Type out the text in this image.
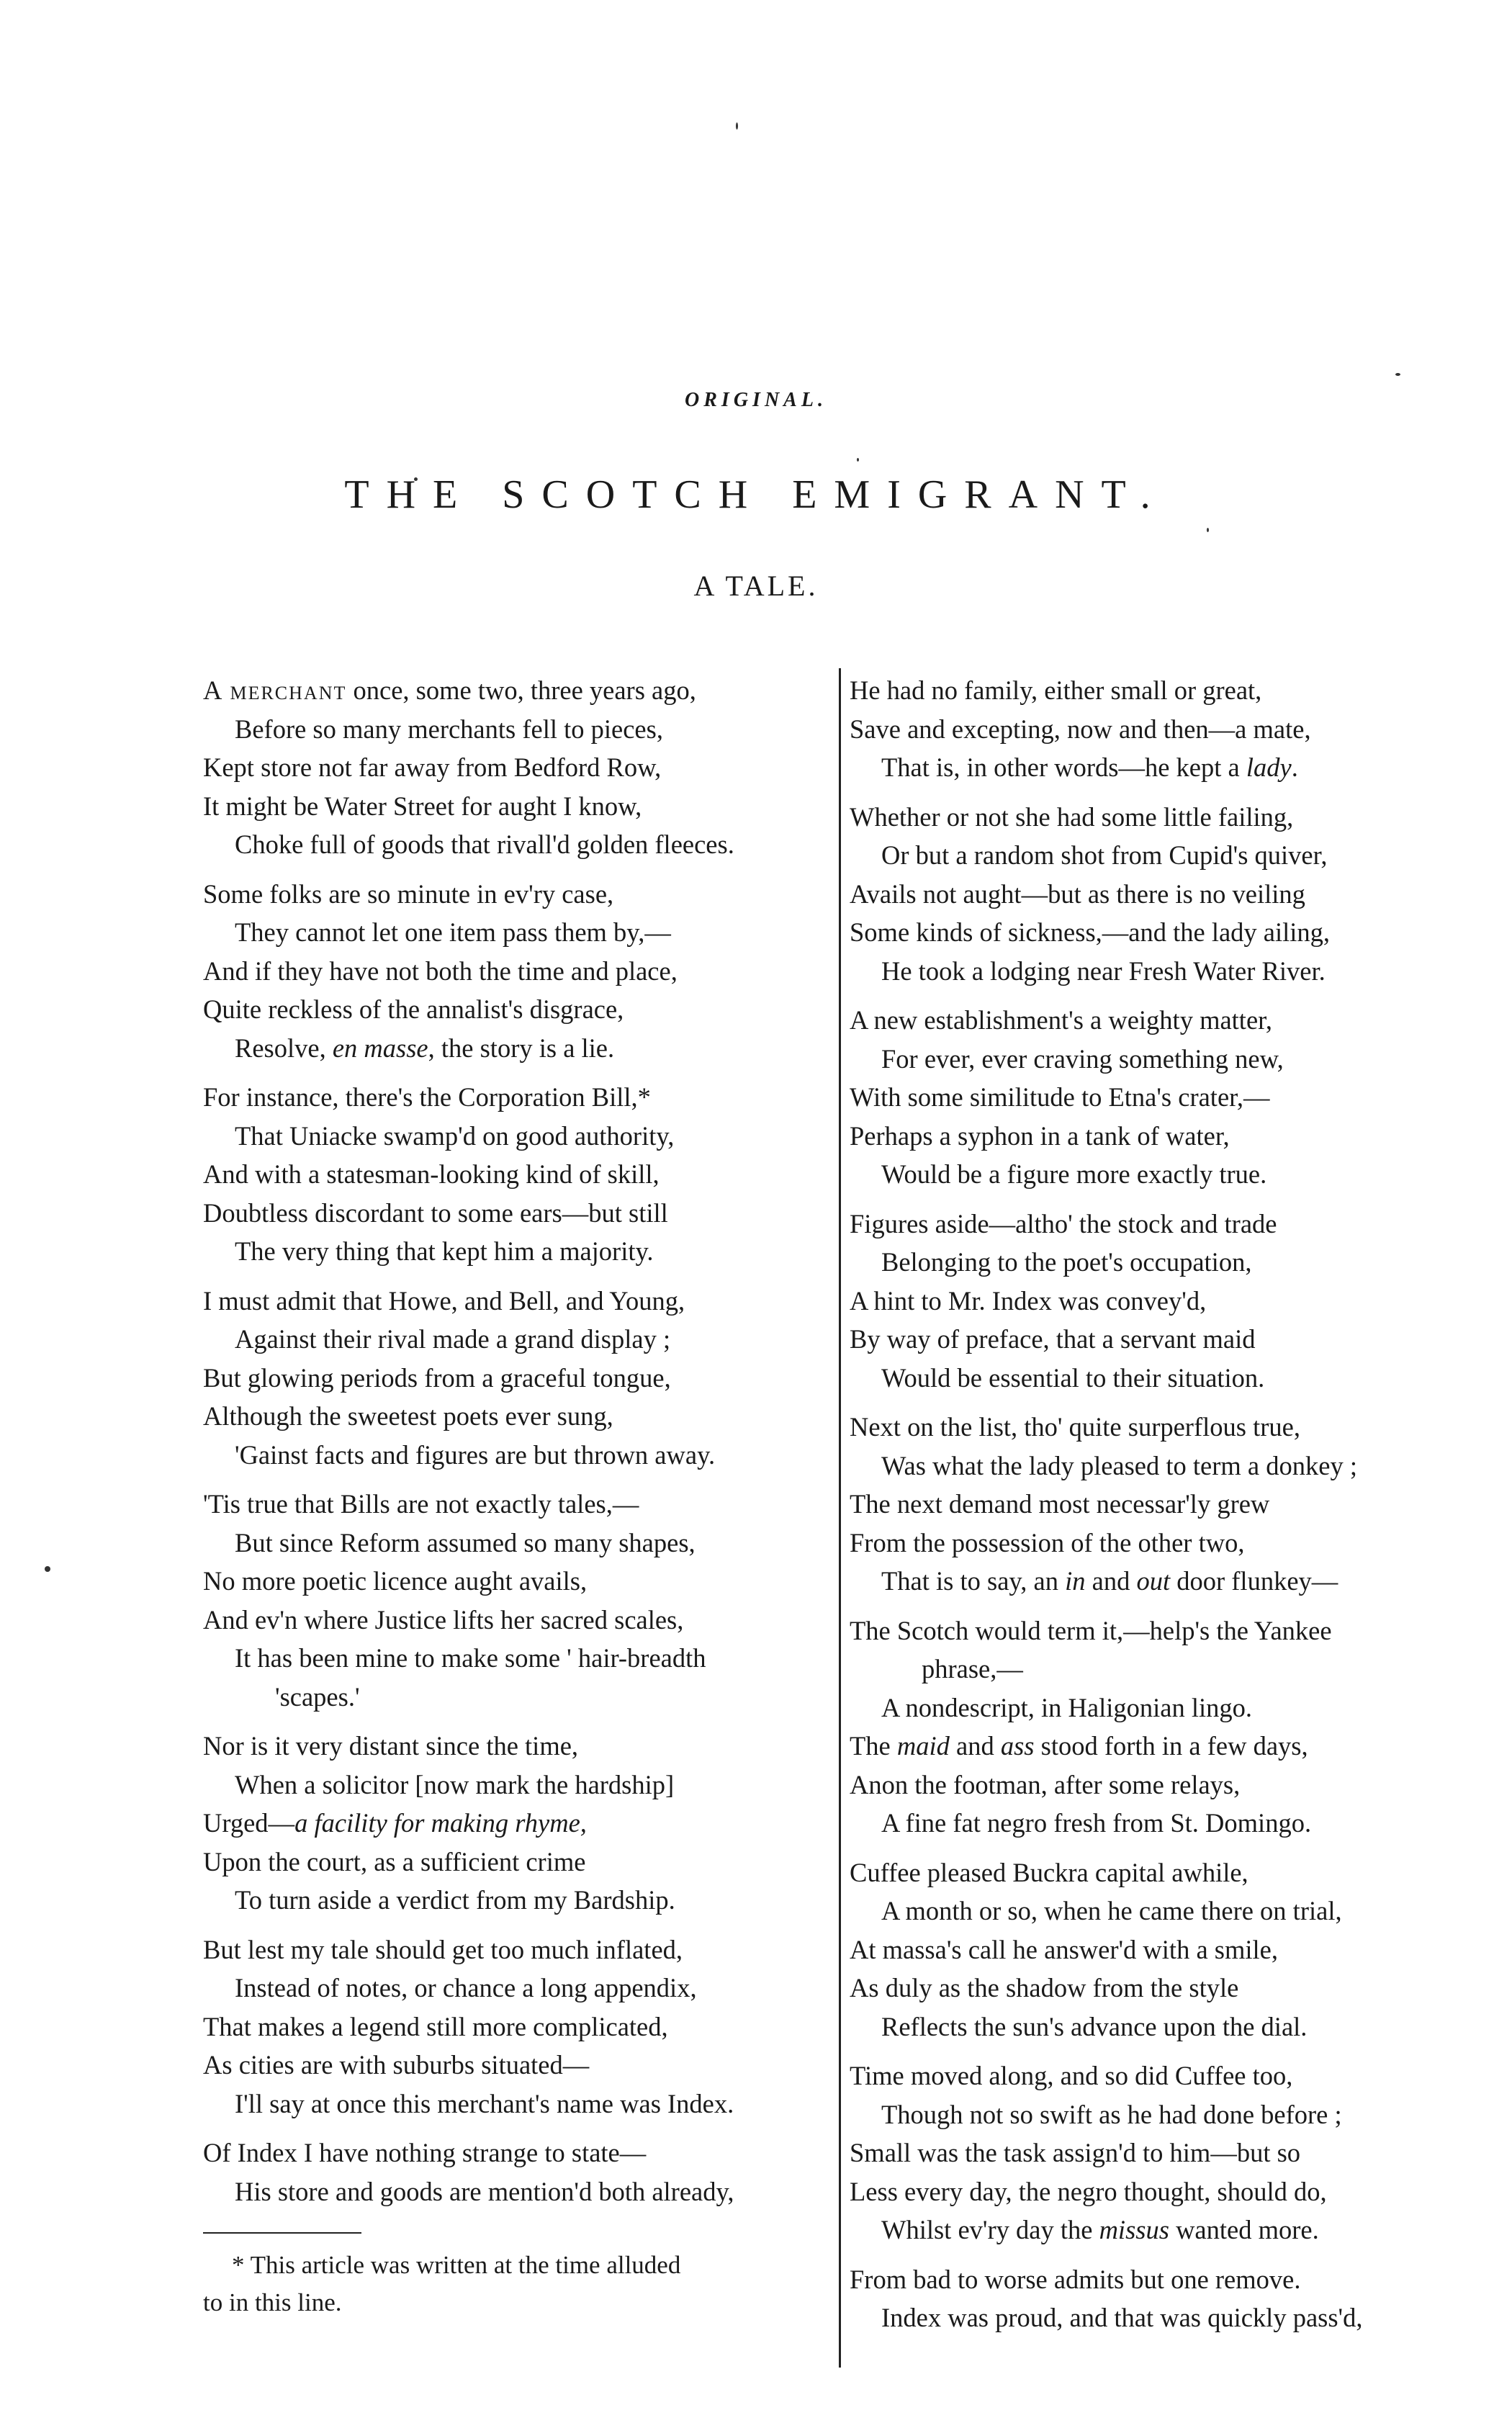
ORIGINAL.
THE SCOTCH EMIGRANT.
A TALE.
A merchant once, some two, three years ago,
Before so many merchants fell to pieces,
Kept store not far away from Bedford Row,
It might be Water Street for aught I know,
Choke full of goods that rivall'd golden fleeces.
Some folks are so minute in ev'ry case,
They cannot let one item pass them by,—
And if they have not both the time and place,
Quite reckless of the annalist's disgrace,
Resolve, en masse, the story is a lie.
For instance, there's the Corporation Bill,*
That Uniacke swamp'd on good authority,
And with a statesman-looking kind of skill,
Doubtless discordant to some ears—but still
The very thing that kept him a majority.
I must admit that Howe, and Bell, and Young,
Against their rival made a grand display ;
But glowing periods from a graceful tongue,
Although the sweetest poets ever sung,
'Gainst facts and figures are but thrown away.
'Tis true that Bills are not exactly tales,—
But since Reform assumed so many shapes,
No more poetic licence aught avails,
And ev'n where Justice lifts her sacred scales,
It has been mine to make some ' hair-breadth
'scapes.'
Nor is it very distant since the time,
When a solicitor [now mark the hardship]
Urged—a facility for making rhyme,
Upon the court, as a sufficient crime
To turn aside a verdict from my Bardship.
But lest my tale should get too much inflated,
Instead of notes, or chance a long appendix,
That makes a legend still more complicated,
As cities are with suburbs situated—
I'll say at once this merchant's name was Index.
Of Index I have nothing strange to state—
His store and goods are mention'd both already,
* This article was written at the time alluded
to in this line.
He had no family, either small or great,
Save and excepting, now and then—a mate,
That is, in other words—he kept a lady.
Whether or not she had some little failing,
Or but a random shot from Cupid's quiver,
Avails not aught—but as there is no veiling
Some kinds of sickness,—and the lady ailing,
He took a lodging near Fresh Water River.
A new establishment's a weighty matter,
For ever, ever craving something new,
With some similitude to Etna's crater,—
Perhaps a syphon in a tank of water,
Would be a figure more exactly true.
Figures aside—altho' the stock and trade
Belonging to the poet's occupation,
A hint to Mr. Index was convey'd,
By way of preface, that a servant maid
Would be essential to their situation.
Next on the list, tho' quite surperflous true,
Was what the lady pleased to term a donkey ;
The next demand most necessar'ly grew
From the possession of the other two,
That is to say, an in and out door flunkey—
The Scotch would term it,—help's the Yankee
phrase,—
A nondescript, in Haligonian lingo.
The maid and ass stood forth in a few days,
Anon the footman, after some relays,
A fine fat negro fresh from St. Domingo.
Cuffee pleased Buckra capital awhile,
A month or so, when he came there on trial,
At massa's call he answer'd with a smile,
As duly as the shadow from the style
Reflects the sun's advance upon the dial.
Time moved along, and so did Cuffee too,
Though not so swift as he had done before ;
Small was the task assign'd to him—but so
Less every day, the negro thought, should do,
Whilst ev'ry day the missus wanted more.
From bad to worse admits but one remove.
Index was proud, and that was quickly pass'd,
